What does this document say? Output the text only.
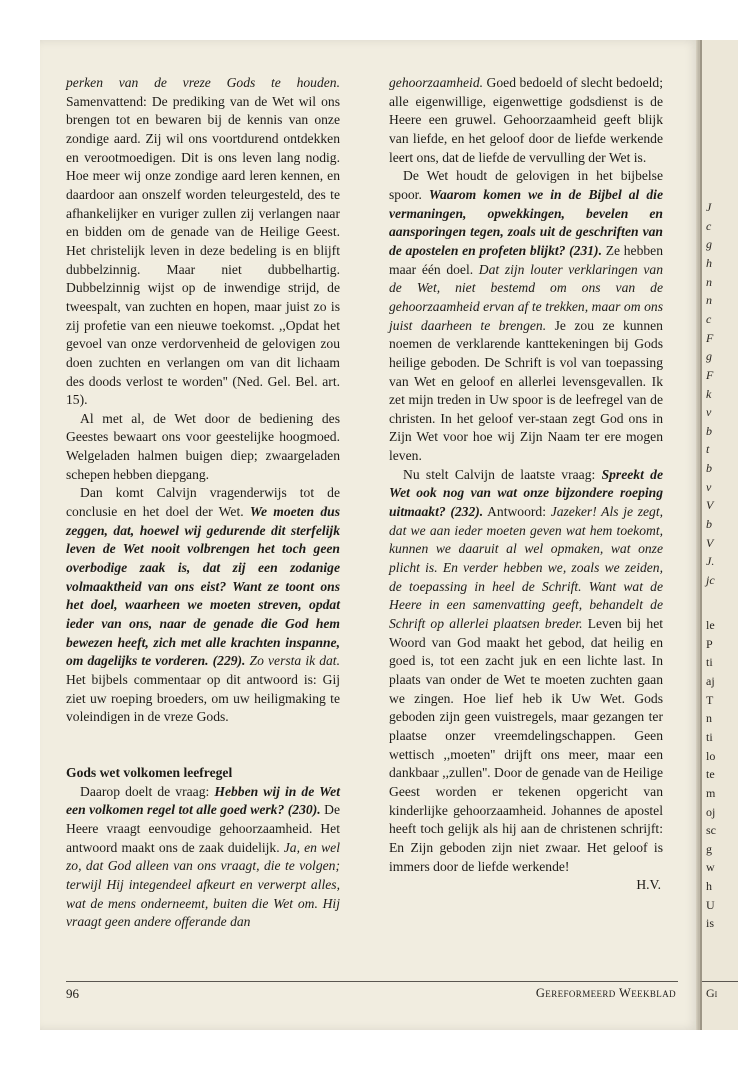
perken van de vreze Gods te houden. Samenvattend: De prediking van de Wet wil ons brengen tot en bewaren bij de kennis van onze zondige aard. Zij wil ons voortdurend ontdekken en verootmoedigen. Dit is ons leven lang nodig. Hoe meer wij onze zondige aard leren kennen, en daardoor aan onszelf worden teleurgesteld, des te afhankelijker en vuriger zullen zij verlangen naar en bidden om de genade van de Heilige Geest. Het christelijk leven in deze bedeling is en blijft dubbelzinnig. Maar niet dubbelhartig. Dubbelzinnig wijst op de inwendige strijd, de tweespalt, van zuchten en hopen, maar juist zo is zij profetie van een nieuwe toekomst. ,,Opdat het gevoel van onze verdorvenheid de gelovigen zou doen zuchten en verlangen om van dit lichaam des doods verlost te worden'' (Ned. Gel. Bel. art. 15).

Al met al, de Wet door de bediening des Geestes bewaart ons voor geestelijke hoogmoed. Welgeladen halmen buigen diep; zwaargeladen schepen hebben diepgang.

Dan komt Calvijn vragenderwijs tot de conclusie en het doel der Wet. We moeten dus zeggen, dat, hoewel wij gedurende dit sterfelijk leven de Wet nooit volbrengen het toch geen overbodige zaak is, dat zij een zodanige volmaaktheid van ons eist? Want ze toont ons het doel, waarheen we moeten streven, opdat ieder van ons, naar de genade die God hem bewezen heeft, zich met alle krachten inspanne, om dagelijks te vorderen. (229). Zo versta ik dat. Het bijbels commentaar op dit antwoord is: Gij ziet uw roeping broeders, om uw heiligmaking te voleindigen in de vreze Gods.

Gods wet volkomen leefregel

Daarop doelt de vraag: Hebben wij in de Wet een volkomen regel tot alle goed werk? (230). De Heere vraagt eenvoudige gehoorzaamheid. Het antwoord maakt ons de zaak duidelijk. Ja, en wel zo, dat God alleen van ons vraagt, die te volgen; terwijl Hij integendeel afkeurt en verwerpt alles, wat de mens onderneemt, buiten die Wet om. Hij vraagt geen andere offerande dan

gehoorzaamheid. Goed bedoeld of slecht bedoeld; alle eigenwillige, eigenwettige godsdienst is de Heere een gruwel. Gehoorzaamheid geeft blijk van liefde, en het geloof door de liefde werkende leert ons, dat de liefde de vervulling der Wet is.

De Wet houdt de gelovigen in het bijbelse spoor. Waarom komen we in de Bijbel al die vermaningen, opwekkingen, bevelen en aansporingen tegen, zoals uit de geschriften van de apostelen en profeten blijkt? (231). Ze hebben maar één doel. Dat zijn louter verklaringen van de Wet, niet bestemd om ons van de gehoorzaamheid ervan af te trekken, maar om ons juist daarheen te brengen. Je zou ze kunnen noemen de verklarende kanttekeningen bij Gods heilige geboden. De Schrift is vol van toepassing van Wet en geloof en allerlei levensgevallen. Ik zet mijn treden in Uw spoor is de leefregel van de christen. In het geloof ver-staan zegt God ons in Zijn Wet voor hoe wij Zijn Naam ter ere mogen leven.

Nu stelt Calvijn de laatste vraag: Spreekt de Wet ook nog van wat onze bijzondere roeping uitmaakt? (232). Antwoord: Jazeker! Als je zegt, dat we aan ieder moeten geven wat hem toekomt, kunnen we daaruit al wel opmaken, wat onze plicht is. En verder hebben we, zoals we zeiden, de toepassing in heel de Schrift. Want wat de Heere in een samenvatting geeft, behandelt de Schrift op allerlei plaatsen breder. Leven bij het Woord van God maakt het gebod, dat heilig en goed is, tot een zacht juk en een lichte last. In plaats van onder de Wet te moeten zuchten gaan we zingen. Hoe lief heb ik Uw Wet. Gods geboden zijn geen vuistregels, maar gezangen ter plaatse onzer vreemdelingschappen. Geen wettisch ,,moeten'' drijft ons meer, maar een dankbaar ,,zullen''. Door de genade van de Heilige Geest worden er tekenen opgericht van kinderlijke gehoorzaamheid. Johannes de apostel heeft toch gelijk als hij aan de christenen schrijft: En Zijn geboden zijn niet zwaar. Het geloof is immers door de liefde werkende!

H.V.

96	Gereformeerd Weekblad
J
c
g
h
n
n
c
F
g
F
k
v
b
t
b
v
V
b
V
J.
jc
le
P
ti
aj
T
n
ti
lo
te
m
oj
sc
g
w
h
U
is
Gi
